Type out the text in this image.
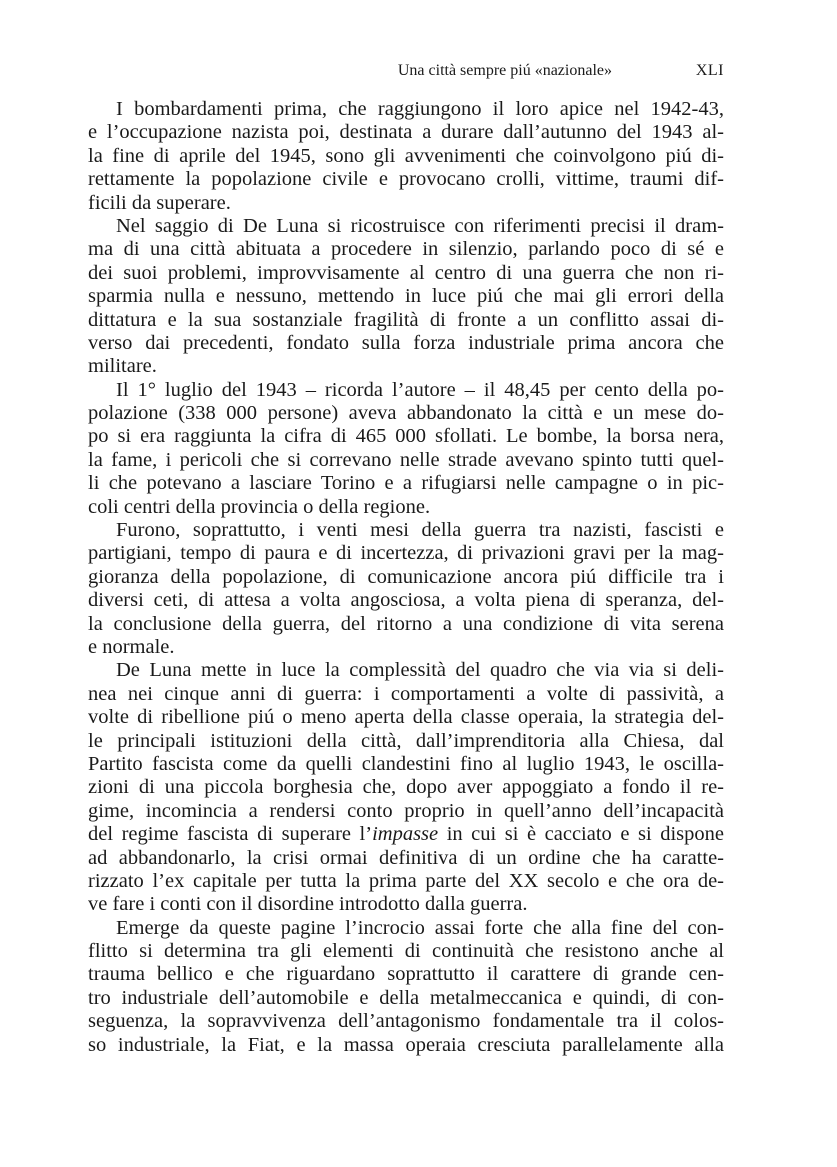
Una città sempre piú «nazionale»	XLI
I bombardamenti prima, che raggiungono il loro apice nel 1942-43,
e l’occupazione nazista poi, destinata a durare dall’autunno del 1943 al-
la fine di aprile del 1945, sono gli avvenimenti che coinvolgono piú di-
rettamente la popolazione civile e provocano crolli, vittime, traumi dif-
ficili da superare.
Nel saggio di De Luna si ricostruisce con riferimenti precisi il dram-
ma di una città abituata a procedere in silenzio, parlando poco di sé e
dei suoi problemi, improvvisamente al centro di una guerra che non ri-
sparmia nulla e nessuno, mettendo in luce piú che mai gli errori della
dittatura e la sua sostanziale fragilità di fronte a un conflitto assai di-
verso dai precedenti, fondato sulla forza industriale prima ancora che
militare.
Il 1° luglio del 1943 – ricorda l’autore – il 48,45 per cento della po-
polazione (338 000 persone) aveva abbandonato la città e un mese do-
po si era raggiunta la cifra di 465 000 sfollati. Le bombe, la borsa nera,
la fame, i pericoli che si correvano nelle strade avevano spinto tutti quel-
li che potevano a lasciare Torino e a rifugiarsi nelle campagne o in pic-
coli centri della provincia o della regione.
Furono, soprattutto, i venti mesi della guerra tra nazisti, fascisti e
partigiani, tempo di paura e di incertezza, di privazioni gravi per la mag-
gioranza della popolazione, di comunicazione ancora piú difficile tra i
diversi ceti, di attesa a volta angosciosa, a volta piena di speranza, del-
la conclusione della guerra, del ritorno a una condizione di vita serena
e normale.
De Luna mette in luce la complessità del quadro che via via si deli-
nea nei cinque anni di guerra: i comportamenti a volte di passività, a
volte di ribellione piú o meno aperta della classe operaia, la strategia del-
le principali istituzioni della città, dall’imprenditoria alla Chiesa, dal
Partito fascista come da quelli clandestini fino al luglio 1943, le oscilla-
zioni di una piccola borghesia che, dopo aver appoggiato a fondo il re-
gime, incomincia a rendersi conto proprio in quell’anno dell’incapacità
del regime fascista di superare l’impasse in cui si è cacciato e si dispone
ad abbandonarlo, la crisi ormai definitiva di un ordine che ha caratte-
rizzato l’ex capitale per tutta la prima parte del XX secolo e che ora de-
ve fare i conti con il disordine introdotto dalla guerra.
Emerge da queste pagine l’incrocio assai forte che alla fine del con-
flitto si determina tra gli elementi di continuità che resistono anche al
trauma bellico e che riguardano soprattutto il carattere di grande cen-
tro industriale dell’automobile e della metalmeccanica e quindi, di con-
seguenza, la sopravvivenza dell’antagonismo fondamentale tra il colos-
so industriale, la Fiat, e la massa operaia cresciuta parallelamente alla
